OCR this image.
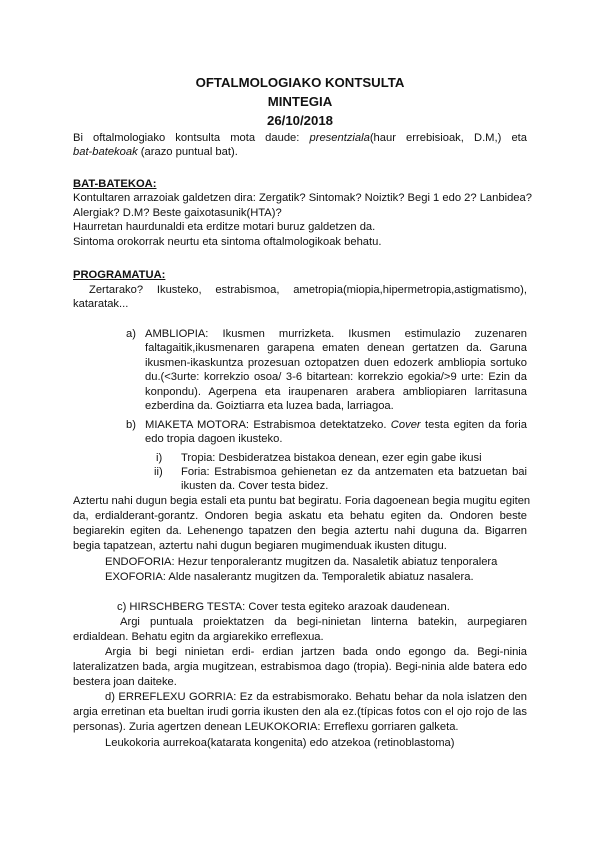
OFTALMOLOGIAKO KONTSULTA
MINTEGIA
26/10/2018
Bi oftalmologiako kontsulta mota daude: presentziala(haur errebisioak, D.M,) eta
bat-batekoak (arazo puntual bat).
BAT-BATEKOA:
Kontultaren arrazoiak galdetzen dira: Zergatik? Sintomak? Noiztik? Begi 1 edo 2? Lanbidea?
Alergiak? D.M? Beste gaixotasunik(HTA)?
Haurretan haurdunaldi eta erditze motari buruz galdetzen da.
Sintoma orokorrak neurtu eta sintoma oftalmologikoak behatu.
PROGRAMATUA:
Zertarako? Ikusteko, estrabismoa, ametropia(miopia,hipermetropia,astigmatismo),
kataratak...
a) AMBLIOPIA: Ikusmen murrizketa. Ikusmen estimulazio zuzenaren
faltagaitik,ikusmenaren garapena ematen denean gertatzen da. Garuna
ikusmen-ikaskuntza prozesuan oztopatzen duen edozerk ambliopia sortuko
du.(<3urte: korrekzio osoa/ 3-6 bitartean: korrekzio egokia/>9 urte: Ezin da
konpondu). Agerpena eta iraupenaren arabera ambliopiaren larritasuna
ezberdina da. Goiztiarra eta luzea bada, larriagoa.
b) MIAKETA MOTORA: Estrabismoa detektatzeko. Cover testa egiten da foria
edo tropia dagoen ikusteko.
i) Tropia: Desbideratzea bistakoa denean, ezer egin gabe ikusi
ii) Foria: Estrabismoa gehienetan ez da antzematen eta batzuetan bai
ikusten da. Cover testa bidez.
Aztertu nahi dugun begia estali eta puntu bat begiratu. Foria dagoenean begia mugitu egiten
da, erdialderant-gorantz. Ondoren begia askatu eta behatu egiten da. Ondoren beste
begiarekin egiten da. Lehenengo tapatzen den begia aztertu nahi duguna da. Bigarren
begia tapatzean, aztertu nahi dugun begiaren mugimenduak ikusten ditugu.
ENDOFORIA: Hezur tenporalerantz mugitzen da. Nasaletik abiatuz tenporalera
EXOFORIA: Alde nasalerantz mugitzen da. Temporaletik abiatuz nasalera.
c) HIRSCHBERG TESTA: Cover testa egiteko arazoak daudenean.
Argi puntuala proiektatzen da begi-ninietan linterna batekin, aurpegiaren
erdialdean. Behatu egitn da argiarekiko erreflexua.
Argia bi begi ninietan erdi- erdian jartzen bada ondo egongo da. Begi-ninia
lateralizatzen bada, argia mugitzean, estrabismoa dago (tropia). Begi-ninia alde batera edo
bestera joan daiteke.
d) ERREFLEXU GORRIA: Ez da estrabismorako. Behatu behar da nola islatzen den
argia erretinan eta bueltan irudi gorria ikusten den ala ez.(típicas fotos con el ojo rojo de las
personas). Zuria agertzen denean LEUKOKORIA: Erreflexu gorriaren galketa.
Leukokoria aurrekoa(katarata kongenita) edo atzekoa (retinoblastoma)
